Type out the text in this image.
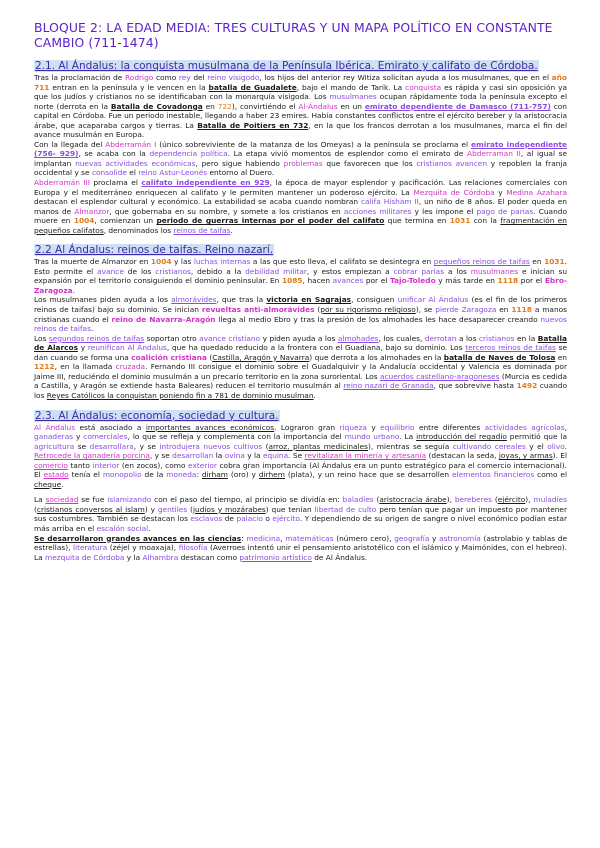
BLOQUE 2: LA EDAD MEDIA: TRES CULTURAS Y UN MAPA POLÍTICO EN CONSTANTE CAMBIO (711-1474)
2.1. Al Ándalus: la conquista musulmana de la Península Ibérica. Emirato y califato de Córdoba.

Tras la proclamación de Rodrigo como rey del reino visigodo, los hijos del anterior rey Witiza solicitan ayuda a los musulmanes, que en el año 711 entran en la península y le vencen en la batalla de Guadalete, bajo el mando de Tarik. La conquista es rápida y casi sin oposición ya que los judíos y cristianos no se identificaban con la monarquía visigoda. Los musulmanes ocupan rápidamente toda la península excepto el norte (derrota en la Batalla de Covadonga en 722), convirtiéndo el Al-Ándalus en un emirato dependiente de Damasco (711-757) con capital en Córdoba. Fue un periodo inestable, llegando a haber 23 emires. Había constantes conflictos entre el ejército bereber y la aristocracia árabe, que acaparaba cargos y tierras. La Batalla de Poitiers en 732, en la que los francos derrotan a los musulmanes, marca el fin del avance musulmán en Europa.

Con la llegada del Abderramán I (único sobreviviente de la matanza de los Omeyas) a la península se proclama el emirato independiente (756- 929), se acaba con la dependencia política. La etapa vivió momentos de esplendor como el emirato de Abderraman II, al igual se implantan nuevas actividades económicas, pero sigue habiendo problemas que favorecen que los cristianos avancen y repoblen la franja occidental y se consolide el reino Astur-Leonés entorno al Duero.

Abderramán III proclama el califato independiente en 929, la época de mayor esplendor y pacificación. Las relaciones comerciales con Europa y el mediterráneo enriquecen al califato y le permiten mantener un poderoso ejército. La Mezquita de Córdoba y Medina Azahara destacan el esplendor cultural y económico. La estabilidad se acaba cuando nombran califa Hisham II, un niño de 8 años. El poder queda en manos de Almanzor, que gobernaba en su nombre, y somete a los cristianos en acciones militares y les impone el pago de parias. Cuando muere en 1004, comienzan un periodo de guerras internas por el poder del califato que termina en 1031 con la fragmentación en pequeños califatos, denominados los reinos de taifas.

2.2 Al Ándalus: reinos de taifas. Reino nazarí.

Tras la muerte de Almanzor en 1004 y las luchas internas a las que esto lleva, el califato se desintegra en pequeños reinos de taifas en 1031. Esto permite el avance de los cristianos, debido a la debilidad militar, y estos empiezan a cobrar parias a los musulmanes e inician su expansión por el territorio consiguiendo el dominio peninsular. En 1085, hacen avances por el Tajo-Toledo y más tarde en 1118 por el Ebro-Zaragoza.

Los musulmanes piden ayuda a los almorávides, que tras la victoria en Sagrajas, consiguen unificar Al Ándalus (es el fin de los primeros reinos de taifas) bajo su dominio. Se inician revueltas anti-almorávides (por su rigorismo religioso), se pierde Zaragoza en 1118 a manos cristianas cuando el reino de Navarra-Aragón llega al medio Ebro y tras la presión de los almohades les hace desaparecer creando nuevos reinos de taifas.

Los segundos reinos de taifas soportan otro avance cristiano y piden ayuda a los almohades, los cuales, derrotan a los cristianos en la Batalla de Alarcos y reunifican Al Ándalus, que ha quedado reducido a la frontera con el Guadiana, bajo su dominio. Los terceros reinos de taifas se dan cuando se forma una coalición cristiana (Castilla, Aragón y Navarra) que derrota a los almohades en la batalla de Naves de Tolosa en 1212, en la llamada cruzada. Fernando III consigue el dominio sobre el Guadalquivir y la Andalucía occidental y Valencia es dominada por Jaime III, reduciéndo el dominio musulmán a un precario territorio en la zona suroriental. Los acuerdos castellano-aragoneses (Murcia es cedida a Castilla, y Aragón se extiende hasta Baleares) reducen el territorio musulmán al reino nazarí de Granada, que sobrevive hasta 1492 cuando los Reyes Católicos la conquistan poniendo fin a 781 de dominio musulman.

2.3. Al Ándalus: economía, sociedad y cultura.

Al Ándalus está asociado a importantes avances económicos. Lograron gran riqueza y equilibrio entre diferentes actividades agrícolas, ganaderas y comerciales, lo que se refleja y complementa con la importancia del mundo urbano. La introducción del regadío permitió que la agricultura se desarrollara, y se introdujera nuevos cultivos (arroz, plantas medicinales), mientras se seguía cultivando cereales y el olivo. Retrocede la ganadería porcina, y se desarrollan la ovina y la equina. Se revitalizan la minería y artesanía (destacan la seda, joyas, y armas). El comercio tanto interior (en zocos), como exterior cobra gran importancia (Al Ándalus era un punto estratégico para el comercio internacional). El estado tenía el monopolio de la moneda: dirham (oro) y dirhem (plata), y un reino hace que se desarrollen elementos financieros como el cheque.

La sociedad se fue islamizando con el paso del tiempo, al principio se dividía en: baladíes (aristocracia árabe), bereberes (ejército), muladíes (cristianos conversos al islam) y gentiles (judíos y mozárabes) que tenían libertad de culto pero tenían que pagar un impuesto por mantener sus costumbres. También se destacan los esclavos de palacio o ejército. Y dependiendo de su origen de sangre o nivel económico podían estar más arriba en el escalón social.

Se desarrollaron grandes avances en las ciencias: medicina, matemáticas (número cero), geografía y astronomía (astrolabio y tablas de estrellas), literatura (zéjel y moaxaja), filosofía (Averroes intentó unir el pensamiento aristotélico con el islámico y Maimónides, con el hebreo). La mezquita de Córdoba y la Alhambra destacan como patrimonio artístico de Al Ándalus.
